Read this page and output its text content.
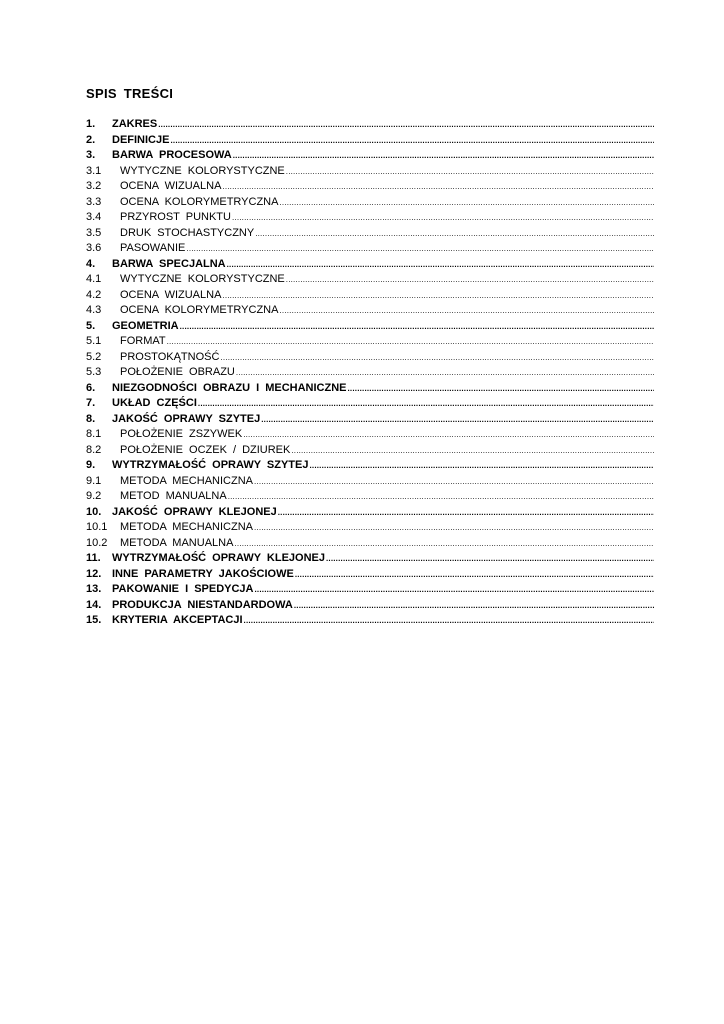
SPIS TREŚCI
1.	ZAKRES
.....
2.	DEFINICJE
.....
3.	BARWA PROCESOWA
.....
3.1	WYTYCZNE KOLORYSTYCZNE
.....
3.2	OCENA WIZUALNA
.....
3.3	OCENA KOLORYMETRYCZNA
.....
3.4	PRZYROST PUNKTU
.....
3.5	DRUK STOCHASTYCZNY
.....
3.6	PASOWANIE
.....
4.	BARWA SPECJALNA
.....
4.1	WYTYCZNE KOLORYSTYCZNE
.....
4.2	OCENA WIZUALNA
.....
4.3	OCENA KOLORYMETRYCZNA
.....
5.	GEOMETRIA
.....
5.1	FORMAT
.....
5.2	PROSTOKĄTNOŚĆ
.....
5.3	POŁOŻENIE OBRAZU
.....
6.	NIEZGODNOŚCI OBRAZU I MECHANICZNE
.....
7.	UKŁAD CZĘŚCI
.....
8.	JAKOŚĆ OPRAWY SZYTEJ
.....
8.1	POŁOŻENIE ZSZYWEK
.....
8.2	POŁOŻENIE OCZEK / DZIUREK
.....
9.	WYTRZYMAŁOŚĆ OPRAWY SZYTEJ
.....
9.1	METODA MECHANICZNA
.....
9.2	METOD MANUALNA
.....
10. JAKOŚĆ OPRAWY KLEJONEJ
.....
10.1	METODA MECHANICZNA
.....
10.2	METODA MANUALNA
.....
11.	WYTRZYMAŁOŚĆ OPRAWY KLEJONEJ
.....
12. INNE PARAMETRY JAKOŚCIOWE
.....
13. PAKOWANIE I SPEDYCJA
.....
14. PRODUKCJA NIESTANDARDOWA
.....
15. KRYTERIA AKCEPTACJI
.....
